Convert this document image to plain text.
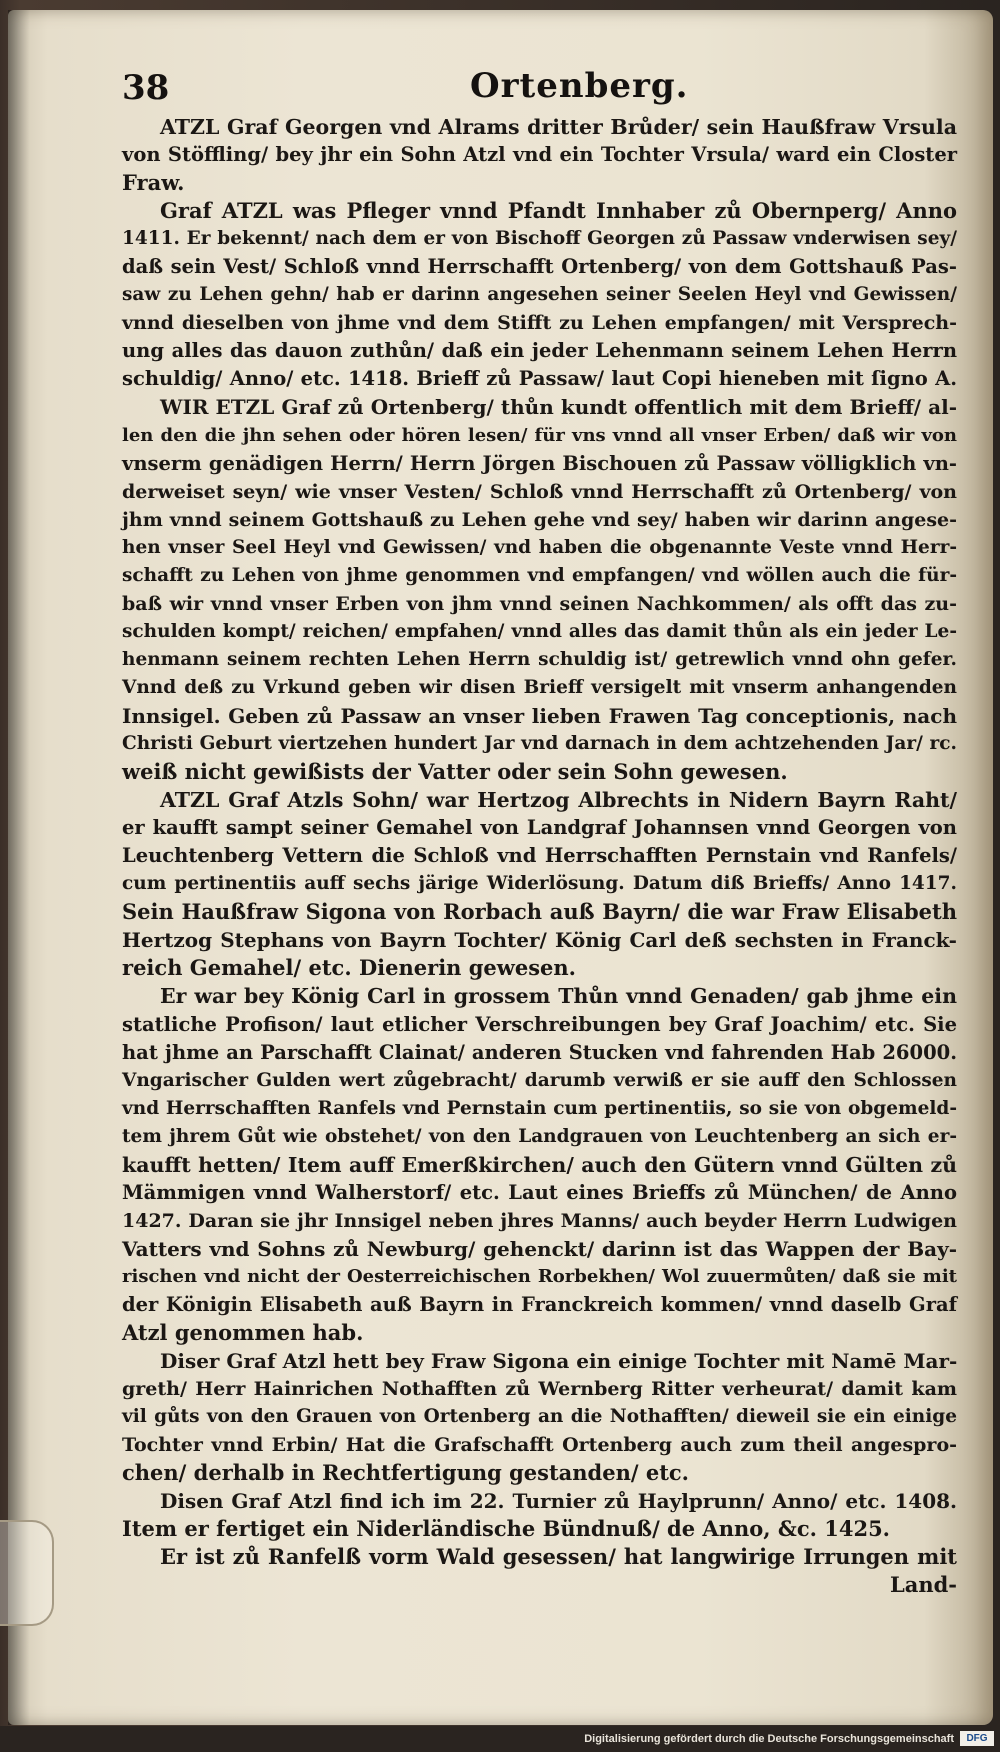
38	Ortenberg.
ATZL Graf Georgen vnd Alrams dritter Brůder/ sein Haußfraw Vrsula
von Stöffling/ bey jhr ein Sohn Atzl vnd ein Tochter Vrsula/ ward ein Closter
Fraw.
Graf ATZL was Pfleger vnnd Pfandt Innhaber zů Obernperg/ Anno
1411. Er bekennt/ nach dem er von Bischoff Georgen zů Passaw vnderwisen sey/
daß sein Vest/ Schloß vnnd Herrschafft Ortenberg/ von dem Gottshauß Pas-
saw zu Lehen gehn/ hab er darinn angesehen seiner Seelen Heyl vnd Gewissen/
vnnd dieselben von jhme vnd dem Stifft zu Lehen empfangen/ mit Versprech-
ung alles das dauon zuthůn/ daß ein jeder Lehenmann seinem Lehen Herrn
schuldig/ Anno/ etc. 1418. Brieff zů Passaw/ laut Copi hieneben mit ſigno A.
WIR ETZL Graf zů Ortenberg/ thůn kundt offentlich mit dem Brieff/ al-
len den die jhn sehen oder hören lesen/ für vns vnnd all vnser Erben/ daß wir von
vnserm genädigen Herrn/ Herrn Jörgen Bischouen zů Passaw völligklich vn-
derweiset seyn/ wie vnser Vesten/ Schloß vnnd Herrschafft zů Ortenberg/ von
jhm vnnd seinem Gottshauß zu Lehen gehe vnd sey/ haben wir darinn angese-
hen vnser Seel Heyl vnd Gewissen/ vnd haben die obgenannte Veste vnnd Herr-
schafft zu Lehen von jhme genommen vnd empfangen/ vnd wöllen auch die für-
baß wir vnnd vnser Erben von jhm vnnd seinen Nachkommen/ als offt das zu-
schulden kompt/ reichen/ empfahen/ vnnd alles das damit thůn als ein jeder Le-
henmann seinem rechten Lehen Herrn schuldig ist/ getrewlich vnnd ohn gefer.
Vnnd deß zu Vrkund geben wir disen Brieff versigelt mit vnserm anhangenden
Innsigel. Geben zů Passaw an vnser lieben Frawen Tag conceptionis, nach
Christi Geburt viertzehen hundert Jar vnd darnach in dem achtzehenden Jar/ rc.
weiß nicht gewißists der Vatter oder sein Sohn gewesen.
ATZL Graf Atzls Sohn/ war Hertzog Albrechts in Nidern Bayrn Raht/
er kaufft sampt seiner Gemahel von Landgraf Johannsen vnnd Georgen von
Leuchtenberg Vettern die Schloß vnd Herrschafften Pernstain vnd Ranfels/
cum pertinentiis auff sechs järige Widerlösung. Datum diß Brieffs/ Anno 1417.
Sein Haußfraw Sigona von Rorbach auß Bayrn/ die war Fraw Elisabeth
Hertzog Stephans von Bayrn Tochter/ König Carl deß sechsten in Franck-
reich Gemahel/ etc. Dienerin gewesen.
Er war bey König Carl in grossem Thůn vnnd Genaden/ gab jhme ein
statliche Profison/ laut etlicher Verschreibungen bey Graf Joachim/ etc. Sie
hat jhme an Parschafft Clainat/ anderen Stucken vnd fahrenden Hab 26000.
Vngarischer Gulden wert zůgebracht/ darumb verwiß er sie auff den Schlossen
vnd Herrschafften Ranfels vnd Pernstain cum pertinentiis, so sie von obgemeld-
tem jhrem Gůt wie obstehet/ von den Landgrauen von Leuchtenberg an sich er-
kaufft hetten/ Item auff Emerßkirchen/ auch den Gütern vnnd Gülten zů
Mämmigen vnnd Walherstorf/ etc. Laut eines Brieffs zů München/ de Anno
1427. Daran sie jhr Innsigel neben jhres Manns/ auch beyder Herrn Ludwigen
Vatters vnd Sohns zů Newburg/ gehenckt/ darinn ist das Wappen der Bay-
rischen vnd nicht der Oesterreichischen Rorbekhen/ Wol zuuermůten/ daß sie mit
der Königin Elisabeth auß Bayrn in Franckreich kommen/ vnnd daselb Graf
Atzl genommen hab.
Diser Graf Atzl hett bey Fraw Sigona ein einige Tochter mit Namē Mar-
greth/ Herr Hainrichen Nothafften zů Wernberg Ritter verheurat/ damit kam
vil gůts von den Grauen von Ortenberg an die Nothafften/ dieweil sie ein einige
Tochter vnnd Erbin/ Hat die Grafschafft Ortenberg auch zum theil angespro-
chen/ derhalb in Rechtfertigung gestanden/ etc.
Disen Graf Atzl find ich im 22. Turnier zů Haylprunn/ Anno/ etc. 1408.
Item er fertiget ein Niderländische Bündnuß/ de Anno, &c. 1425.
Er ist zů Ranfelß vorm Wald gesessen/ hat langwirige Irrungen mit
Land-
Digitalisierung gefördert durch die Deutsche Forschungsgemeinschaft	DFG
